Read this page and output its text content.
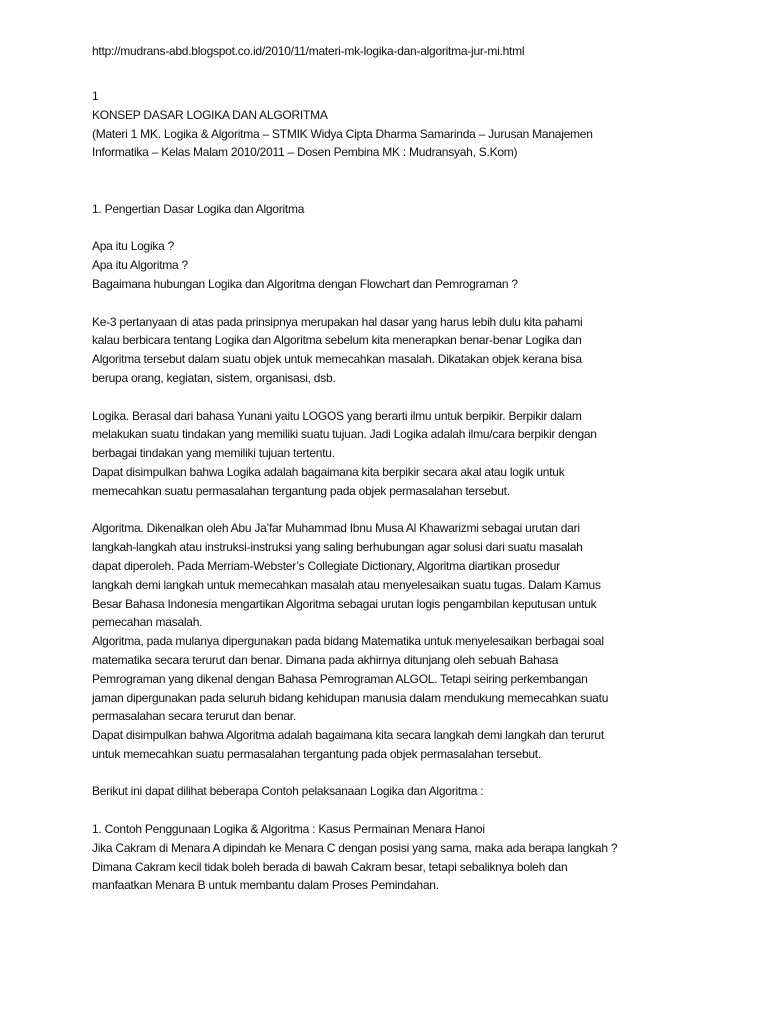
http://mudrans-abd.blogspot.co.id/2010/11/materi-mk-logika-dan-algoritma-jur-mi.html
1
KONSEP DASAR LOGIKA DAN ALGORITMA
(Materi 1 MK. Logika & Algoritma – STMIK Widya Cipta Dharma Samarinda – Jurusan Manajemen
Informatika – Kelas Malam 2010/2011 – Dosen Pembina MK : Mudransyah, S.Kom)
1. Pengertian Dasar Logika dan Algoritma
Apa itu Logika ?
Apa itu Algoritma ?
Bagaimana hubungan Logika dan Algoritma dengan Flowchart dan Pemrograman ?
Ke-3 pertanyaan di atas pada prinsipnya merupakan hal dasar yang harus lebih dulu kita pahami
kalau berbicara tentang Logika dan Algoritma sebelum kita menerapkan benar-benar Logika dan
Algoritma tersebut dalam suatu objek untuk memecahkan masalah. Dikatakan objek kerana bisa
berupa orang, kegiatan, sistem, organisasi, dsb.
Logika. Berasal dari bahasa Yunani yaitu LOGOS yang berarti ilmu untuk berpikir. Berpikir dalam
melakukan suatu tindakan yang memiliki suatu tujuan. Jadi Logika adalah ilmu/cara berpikir dengan
berbagai tindakan yang memiliki tujuan tertentu.
Dapat disimpulkan bahwa Logika adalah bagaimana kita berpikir secara akal atau logik untuk
memecahkan suatu permasalahan tergantung pada objek permasalahan tersebut.
Algoritma. Dikenalkan oleh Abu Ja’far Muhammad Ibnu Musa Al Khawarizmi sebagai urutan dari
langkah-langkah atau instruksi-instruksi yang saling berhubungan agar solusi dari suatu masalah
dapat diperoleh. Pada Merriam-Webster’s Collegiate Dictionary, Algoritma diartikan prosedur
langkah demi langkah untuk memecahkan masalah atau menyelesaikan suatu tugas. Dalam Kamus
Besar Bahasa Indonesia mengartikan Algoritma sebagai urutan logis pengambilan keputusan untuk
pemecahan masalah.
Algoritma, pada mulanya dipergunakan pada bidang Matematika untuk menyelesaikan berbagai soal
matematika secara terurut dan benar. Dimana pada akhirnya ditunjang oleh sebuah Bahasa
Pemrograman yang dikenal dengan Bahasa Pemrograman ALGOL. Tetapi seiring perkembangan
jaman dipergunakan pada seluruh bidang kehidupan manusia dalam mendukung memecahkan suatu
permasalahan secara terurut dan benar.
Dapat disimpulkan bahwa Algoritma adalah bagaimana kita secara langkah demi langkah dan terurut
untuk memecahkan suatu permasalahan tergantung pada objek permasalahan tersebut.
Berikut ini dapat dilihat beberapa Contoh pelaksanaan Logika dan Algoritma :
1. Contoh Penggunaan Logika & Algoritma : Kasus Permainan Menara Hanoi
Jika Cakram di Menara A dipindah ke Menara C dengan posisi yang sama, maka ada berapa langkah ?
Dimana Cakram kecil tidak boleh berada di bawah Cakram besar, tetapi sebaliknya boleh dan
manfaatkan Menara B untuk membantu dalam Proses Pemindahan.
